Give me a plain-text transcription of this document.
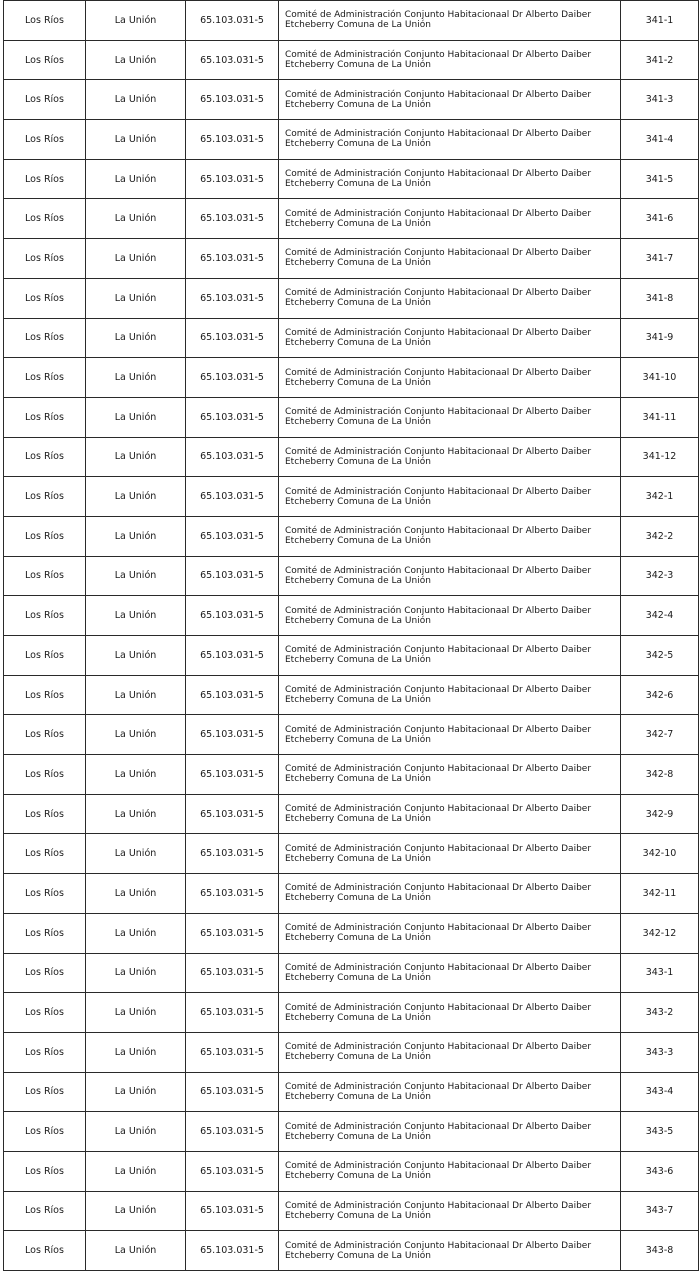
Los Ríos	La Unión	65.103.031-5	Comité de Administración Conjunto Habitacionaal Dr Alberto Daiber
Etcheberry Comuna de La Unión	341-1
Los Ríos	La Unión	65.103.031-5	Comité de Administración Conjunto Habitacionaal Dr Alberto Daiber
Etcheberry Comuna de La Unión	341-2
Los Ríos	La Unión	65.103.031-5	Comité de Administración Conjunto Habitacionaal Dr Alberto Daiber
Etcheberry Comuna de La Unión	341-3
Los Ríos	La Unión	65.103.031-5	Comité de Administración Conjunto Habitacionaal Dr Alberto Daiber
Etcheberry Comuna de La Unión	341-4
Los Ríos	La Unión	65.103.031-5	Comité de Administración Conjunto Habitacionaal Dr Alberto Daiber
Etcheberry Comuna de La Unión	341-5
Los Ríos	La Unión	65.103.031-5	Comité de Administración Conjunto Habitacionaal Dr Alberto Daiber
Etcheberry Comuna de La Unión	341-6
Los Ríos	La Unión	65.103.031-5	Comité de Administración Conjunto Habitacionaal Dr Alberto Daiber
Etcheberry Comuna de La Unión	341-7
Los Ríos	La Unión	65.103.031-5	Comité de Administración Conjunto Habitacionaal Dr Alberto Daiber
Etcheberry Comuna de La Unión	341-8
Los Ríos	La Unión	65.103.031-5	Comité de Administración Conjunto Habitacionaal Dr Alberto Daiber
Etcheberry Comuna de La Unión	341-9
Los Ríos	La Unión	65.103.031-5	Comité de Administración Conjunto Habitacionaal Dr Alberto Daiber
Etcheberry Comuna de La Unión	341-10
Los Ríos	La Unión	65.103.031-5	Comité de Administración Conjunto Habitacionaal Dr Alberto Daiber
Etcheberry Comuna de La Unión	341-11
Los Ríos	La Unión	65.103.031-5	Comité de Administración Conjunto Habitacionaal Dr Alberto Daiber
Etcheberry Comuna de La Unión	341-12
Los Ríos	La Unión	65.103.031-5	Comité de Administración Conjunto Habitacionaal Dr Alberto Daiber
Etcheberry Comuna de La Unión	342-1
Los Ríos	La Unión	65.103.031-5	Comité de Administración Conjunto Habitacionaal Dr Alberto Daiber
Etcheberry Comuna de La Unión	342-2
Los Ríos	La Unión	65.103.031-5	Comité de Administración Conjunto Habitacionaal Dr Alberto Daiber
Etcheberry Comuna de La Unión	342-3
Los Ríos	La Unión	65.103.031-5	Comité de Administración Conjunto Habitacionaal Dr Alberto Daiber
Etcheberry Comuna de La Unión	342-4
Los Ríos	La Unión	65.103.031-5	Comité de Administración Conjunto Habitacionaal Dr Alberto Daiber
Etcheberry Comuna de La Unión	342-5
Los Ríos	La Unión	65.103.031-5	Comité de Administración Conjunto Habitacionaal Dr Alberto Daiber
Etcheberry Comuna de La Unión	342-6
Los Ríos	La Unión	65.103.031-5	Comité de Administración Conjunto Habitacionaal Dr Alberto Daiber
Etcheberry Comuna de La Unión	342-7
Los Ríos	La Unión	65.103.031-5	Comité de Administración Conjunto Habitacionaal Dr Alberto Daiber
Etcheberry Comuna de La Unión	342-8
Los Ríos	La Unión	65.103.031-5	Comité de Administración Conjunto Habitacionaal Dr Alberto Daiber
Etcheberry Comuna de La Unión	342-9
Los Ríos	La Unión	65.103.031-5	Comité de Administración Conjunto Habitacionaal Dr Alberto Daiber
Etcheberry Comuna de La Unión	342-10
Los Ríos	La Unión	65.103.031-5	Comité de Administración Conjunto Habitacionaal Dr Alberto Daiber
Etcheberry Comuna de La Unión	342-11
Los Ríos	La Unión	65.103.031-5	Comité de Administración Conjunto Habitacionaal Dr Alberto Daiber
Etcheberry Comuna de La Unión	342-12
Los Ríos	La Unión	65.103.031-5	Comité de Administración Conjunto Habitacionaal Dr Alberto Daiber
Etcheberry Comuna de La Unión	343-1
Los Ríos	La Unión	65.103.031-5	Comité de Administración Conjunto Habitacionaal Dr Alberto Daiber
Etcheberry Comuna de La Unión	343-2
Los Ríos	La Unión	65.103.031-5	Comité de Administración Conjunto Habitacionaal Dr Alberto Daiber
Etcheberry Comuna de La Unión	343-3
Los Ríos	La Unión	65.103.031-5	Comité de Administración Conjunto Habitacionaal Dr Alberto Daiber
Etcheberry Comuna de La Unión	343-4
Los Ríos	La Unión	65.103.031-5	Comité de Administración Conjunto Habitacionaal Dr Alberto Daiber
Etcheberry Comuna de La Unión	343-5
Los Ríos	La Unión	65.103.031-5	Comité de Administración Conjunto Habitacionaal Dr Alberto Daiber
Etcheberry Comuna de La Unión	343-6
Los Ríos	La Unión	65.103.031-5	Comité de Administración Conjunto Habitacionaal Dr Alberto Daiber
Etcheberry Comuna de La Unión	343-7
Los Ríos	La Unión	65.103.031-5	Comité de Administración Conjunto Habitacionaal Dr Alberto Daiber
Etcheberry Comuna de La Unión	343-8
